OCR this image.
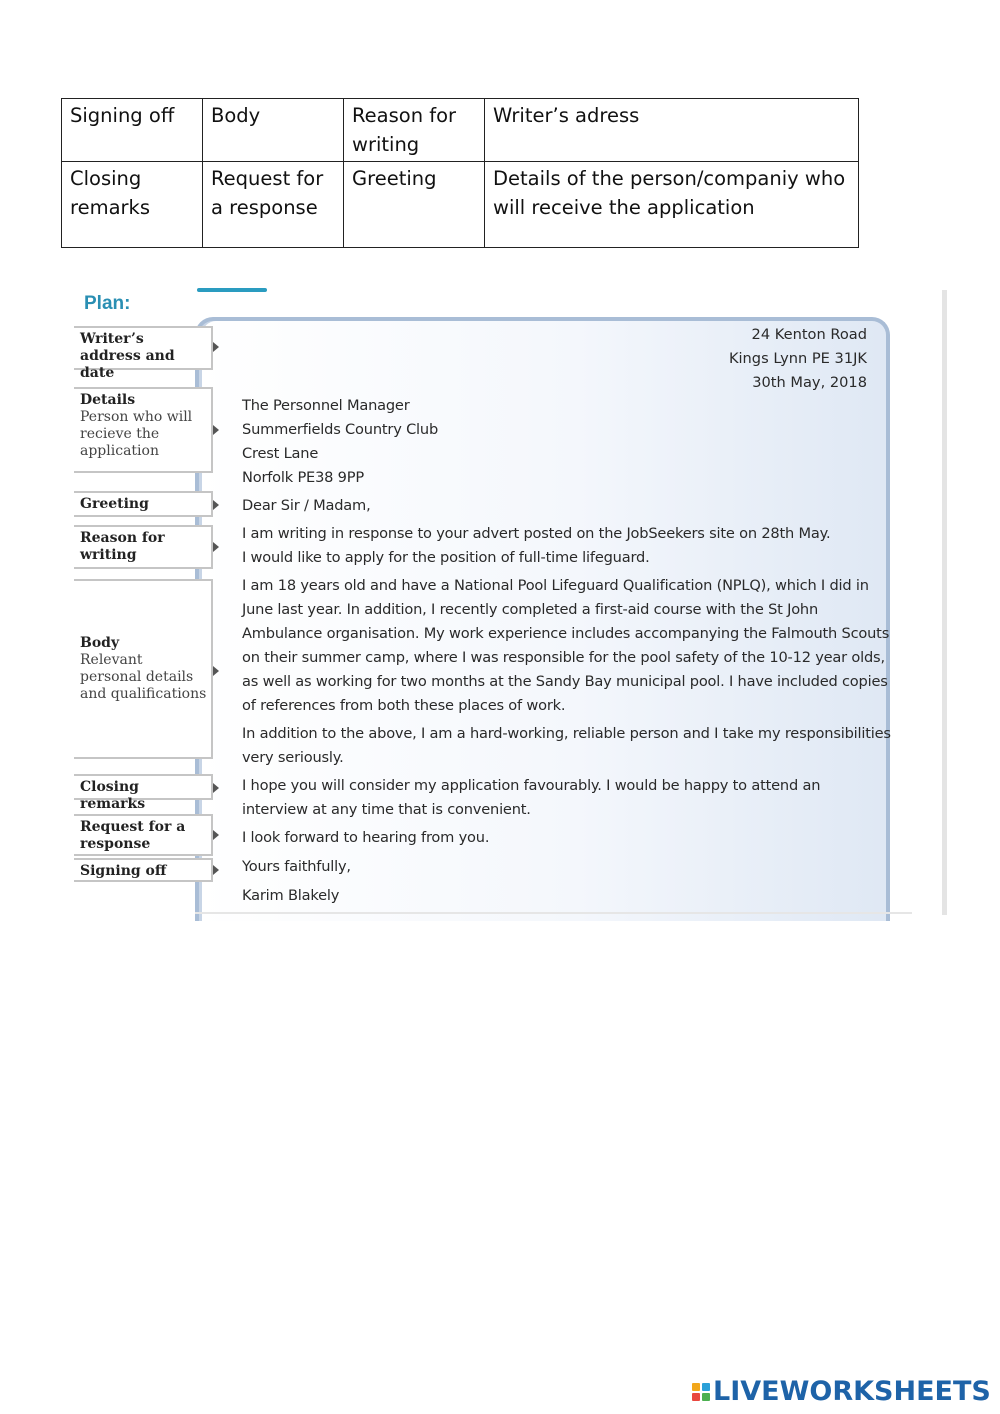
Signing off	Body	Reason for writing	Writer’s adress
Closing remarks	Request for a response	Greeting	Details of the person/companiy who will receive the application
Plan:
Writer’s address and date
Details
Person who will recieve the application
Greeting
Reason for writing
Body
Relevant personal details and qualifications
Closing remarks
Request for a response
Signing off
24 Kenton Road
Kings Lynn PE 31JK
30th May, 2018
The Personnel Manager
Summerfields Country Club
Crest Lane
Norfolk PE38 9PP
Dear Sir / Madam,
I am writing in response to your advert posted on the JobSeekers site on 28th May.
I would like to apply for the position of full-time lifeguard.
I am 18 years old and have a National Pool Lifeguard Qualification (NPLQ), which I did in
June last year. In addition, I recently completed a first-aid course with the St John
Ambulance organisation. My work experience includes accompanying the Falmouth Scouts
on their summer camp, where I was responsible for the pool safety of the 10-12 year olds,
as well as working for two months at the Sandy Bay municipal pool. I have included copies
of references from both these places of work.
In addition to the above, I am a hard-working, reliable person and I take my responsibilities
very seriously.
I hope you will consider my application favourably. I would be happy to attend an
interview at any time that is convenient.
I look forward to hearing from you.
Yours faithfully,
Karim Blakely
LIVEWORKSHEETS
